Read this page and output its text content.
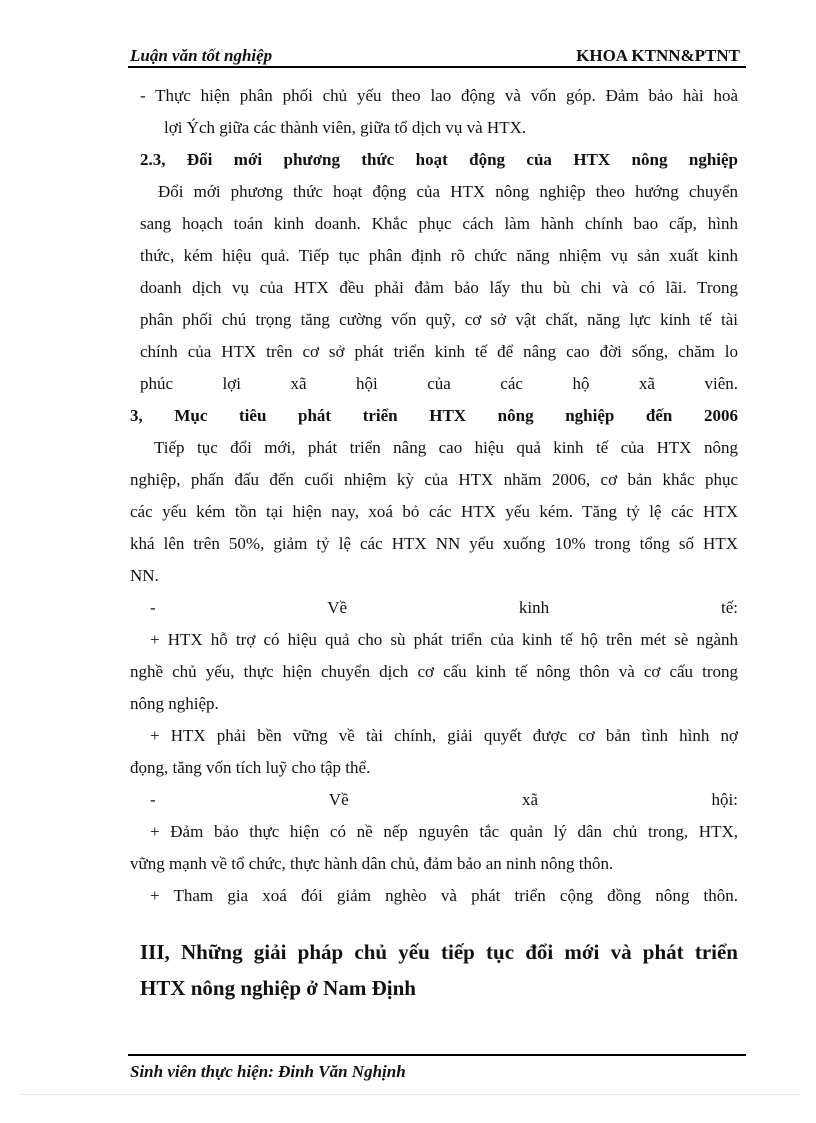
Luận văn tốt nghiệp	KHOA KTNN&PTNT
- Thực hiện phân phối chủ yếu theo lao động và vốn góp. Đảm bảo hài hoà
lợi Ých giữa các thành viên, giữa tổ dịch vụ và HTX.
2.3, Đổi mới phương thức hoạt động của HTX nông nghiệp
Đổi mới phương thức hoạt động của HTX nông nghiệp theo hướng chuyển
sang hoạch toán kinh doanh. Khắc phục cách làm hành chính bao cấp, hình
thức, kém hiệu quả. Tiếp tục phân định rõ chức năng nhiệm vụ sản xuất kinh
doanh dịch vụ của HTX đều phải đảm bảo lấy thu bù chi và có lãi. Trong
phân phối chú trọng tăng cường vốn quỹ, cơ sở vật chất, năng lực kinh tế tài
chính của HTX trên cơ sở phát triển kinh tế để nâng cao đời sống, chăm lo
phúc lợi xã hội của các hộ xã viên.
3, Mục tiêu phát triển HTX nông nghiệp đến 2006
Tiếp tục đổi mới, phát triển nâng cao hiệu quả kinh tế của HTX nông
nghiệp, phấn đấu đến cuối nhiệm kỳ của HTX nhăm 2006, cơ bản khắc phục
các yếu kém tồn tại hiện nay, xoá bỏ các HTX yếu kém. Tăng tỷ lệ các HTX
khá lên trên 50%, giảm tỷ lệ các HTX NN yếu xuống 10% trong tổng số HTX
NN.
- Về kinh tế:
+ HTX hỗ trợ có hiệu quả cho sù phát triển của kinh tế hộ trên mét sè ngành
nghề chủ yếu, thực hiện chuyển dịch cơ cấu kinh tế nông thôn và cơ cấu trong
nông nghiệp.
+ HTX phải bền vững về tài chính, giải quyết được cơ bản tình hình nợ
đọng, tăng vốn tích luỹ cho tập thể.
- Về xã hội:
+ Đảm bảo thực hiện có nề nếp nguyên tắc quản lý dân chủ trong, HTX,
vững mạnh về tổ chức, thực hành dân chủ, đảm bảo an ninh nông thôn.
+ Tham gia xoá đói giảm nghèo và phát triển cộng đồng nông thôn.
III, Những giải pháp chủ yếu tiếp tục đổi mới và phát triển
HTX nông nghiệp ở Nam Định
Sinh viên thực hiện: Đinh Văn Nghịnh
